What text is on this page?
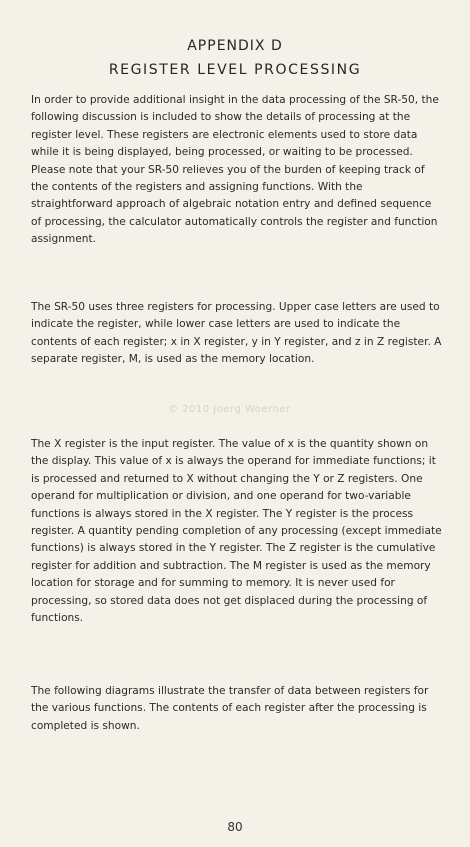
APPENDIX D
REGISTER LEVEL PROCESSING

In order to provide additional insight in the data processing of the SR-50, the following discussion is included to show the details of processing at the register level. These registers are electronic elements used to store data while it is being displayed, being processed, or waiting to be processed. Please note that your SR-50 relieves you of the burden of keeping track of the contents of the registers and assigning functions. With the straightforward approach of algebraic notation entry and defined sequence of processing, the calculator automatically controls the register and function assignment.

The SR-50 uses three registers for processing. Upper case letters are used to indicate the register, while lower case letters are used to indicate the contents of each register; x in X register, y in Y register, and z in Z register. A separate register, M, is used as the memory location.

© 2010 Joerg Woerner

The X register is the input register. The value of x is the quantity shown on the display. This value of x is always the operand for immediate functions; it is processed and returned to X without changing the Y or Z registers. One operand for multiplication or division, and one operand for two-variable functions is always stored in the X register. The Y register is the process register. A quantity pending completion of any processing (except immediate functions) is always stored in the Y register. The Z register is the cumulative register for addition and subtraction. The M register is used as the memory location for storage and for summing to memory. It is never used for processing, so stored data does not get displaced during the processing of functions.

The following diagrams illustrate the transfer of data between registers for the various functions. The contents of each register after the processing is completed is shown.

80
